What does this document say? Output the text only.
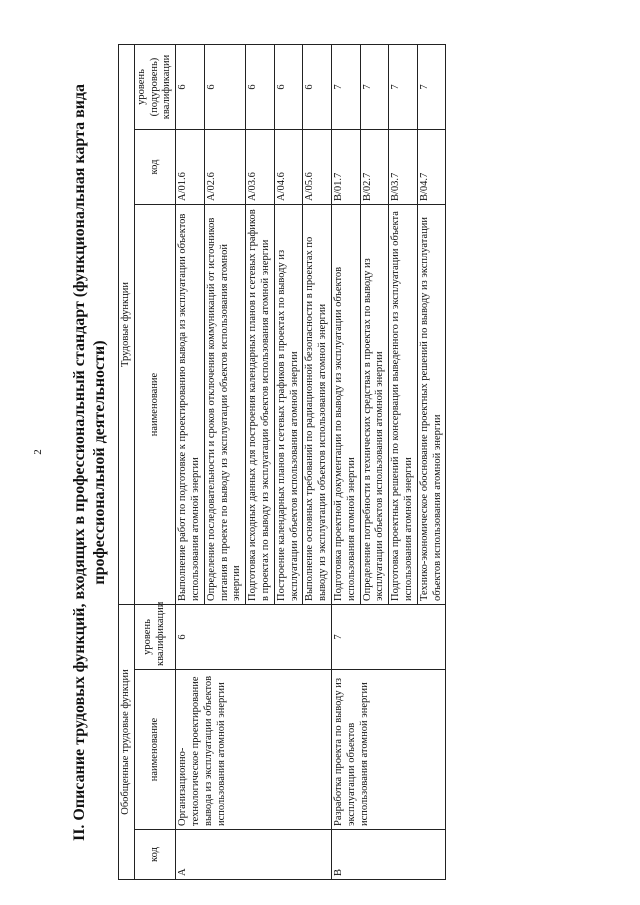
2 II. Описание трудовых функций, входящих в профессиональный стандарт (функциональная карта вида профессиональной деятельности)
Обобщенные трудовые функции			Трудовые функции		
код	наименование	уровень квалификации	наименование	код	уровень (подуровень) квалификации
A	Организационно-технологическое проектирование вывода из эксплуатации объектов использования атомной энергии	6	Выполнение работ по подготовке к проектированию вывода из эксплуатации объектов использования атомной энергии	A/01.6	6
			Определение последовательности и сроков отключения коммуникаций от источников питания в проекте по выводу из эксплуатации объектов использования атомной энергии	A/02.6	6
			Подготовка исходных данных для построения календарных планов и сетевых графиков в проектах по выводу из эксплуатации объектов использования атомной энергии	A/03.6	6
			Построение календарных планов и сетевых графиков в проектах по выводу из эксплуатации объектов использования атомной энергии	A/04.6	6
			Выполнение основных требований по радиационной безопасности в проектах по выводу из эксплуатации объектов использования атомной энергии	A/05.6	6
B	Разработка проекта по выводу из эксплуатации объектов использования атомной энергии	7	Подготовка проектной документации по выводу из эксплуатации объектов использования атомной энергии	B/01.7	7
			Определение потребности в технических средствах в проектах по выводу из эксплуатации объектов использования атомной энергии	B/02.7	7
			Подготовка проектных решений по консервации выведенного из эксплуатации объекта использования атомной энергии	B/03.7	7
			Технико-экономическое обоснование проектных решений по выводу из эксплуатации объектов использования атомной энергии	B/04.7	7
